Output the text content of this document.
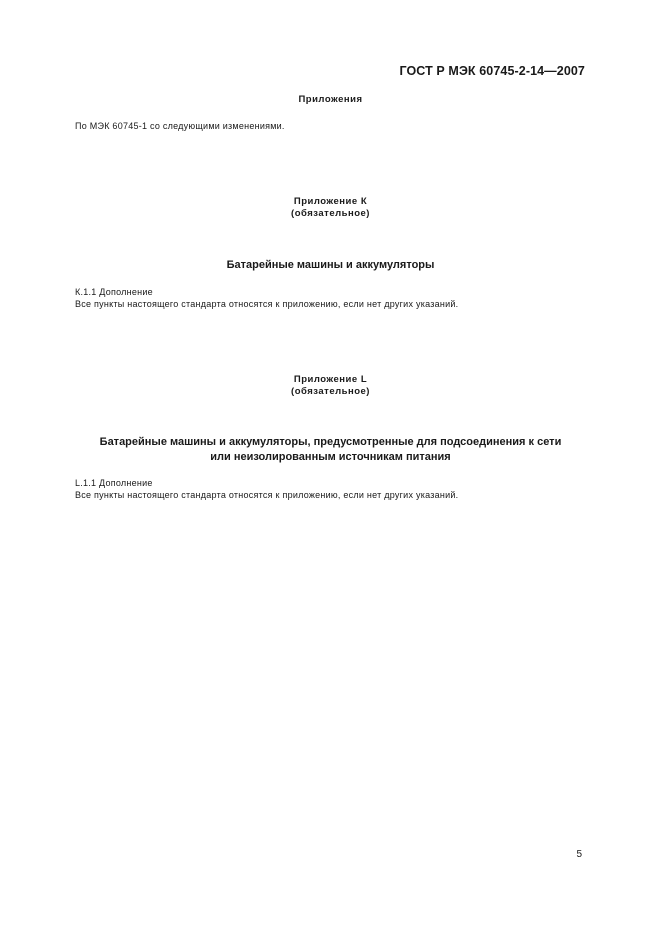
ГОСТ Р МЭК 60745-2-14—2007
Приложения
По МЭК 60745-1 со следующими изменениями.
Приложение К
(обязательное)
Батарейные машины и аккумуляторы
К.1.1 Дополнение
Все пункты настоящего стандарта относятся к приложению, если нет других указаний.
Приложение L
(обязательное)
Батарейные машины и аккумуляторы, предусмотренные для подсоединения к сети
или неизолированным источникам питания
L.1.1 Дополнение
Все пункты настоящего стандарта относятся к приложению, если нет других указаний.
5
